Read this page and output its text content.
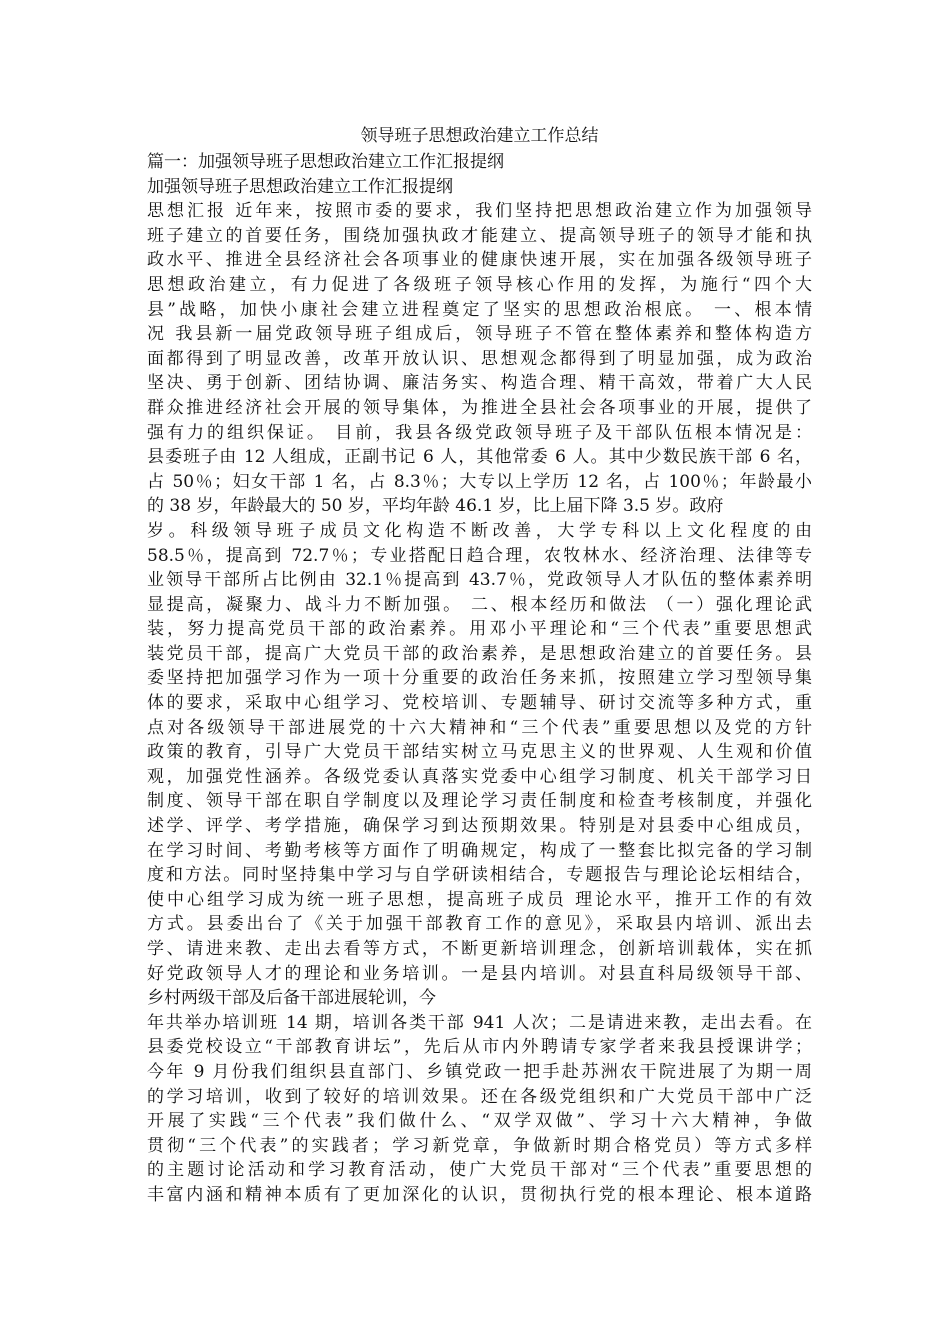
领导班子思想政治建立工作总结

篇一：加强领导班子思想政治建立工作汇报提纲

加强领导班子思想政治建立工作汇报提纲

思想汇报 近年来，按照市委的要求，我们坚持把思想政治建立作为加强领导

班子建立的首要任务，围绕加强执政才能建立、提高领导班子的领导才能和执

政水平、推进全县经济社会各项事业的健康快速开展，实在加强各级领导班子

思想政治建立，有力促进了各级班子领导核心作用的发挥，为施行“四个大

县”战略，加快小康社会建立进程奠定了坚实的思想政治根底。 一、根本情

况 我县新一届党政领导班子组成后，领导班子不管在整体素养和整体构造方

面都得到了明显改善，改革开放认识、思想观念都得到了明显加强，成为政治

坚决、勇于创新、团结协调、廉洁务实、构造合理、精干高效，带着广大人民

群众推进经济社会开展的领导集体，为推进全县社会各项事业的开展，提供了

强有力的组织保证。 目前，我县各级党政领导班子及干部队伍根本情况是：

县委班子由 12 人组成，正副书记 6 人，其他常委 6 人。其中少数民族干部 6 名，

占 50％；妇女干部 1 名，占 8.3％；大专以上学历 12 名，占 100％；年龄最小

的 38 岁，年龄最大的 50 岁，平均年龄 46.1 岁，比上届下降 3.5 岁。政府

岁。科级领导班子成员文化构造不断改善，大学专科以上文化程度的由

58.5％，提高到 72.7％；专业搭配日趋合理，农牧林水、经济治理、法律等专

业领导干部所占比例由 32.1％提高到 43.7％，党政领导人才队伍的整体素养明

显提高，凝聚力、战斗力不断加强。 二、根本经历和做法 （一）强化理论武

装，努力提高党员干部的政治素养。用邓小平理论和“三个代表”重要思想武

装党员干部，提高广大党员干部的政治素养，是思想政治建立的首要任务。县

委坚持把加强学习作为一项十分重要的政治任务来抓，按照建立学习型领导集

体的要求，采取中心组学习、党校培训、专题辅导、研讨交流等多种方式，重

点对各级领导干部进展党的十六大精神和“三个代表”重要思想以及党的方针

政策的教育，引导广大党员干部结实树立马克思主义的世界观、人生观和价值

观，加强党性涵养。各级党委认真落实党委中心组学习制度、机关干部学习日

制度、领导干部在职自学制度以及理论学习责任制度和检查考核制度，并强化

述学、评学、考学措施，确保学习到达预期效果。特别是对县委中心组成员，

在学习时间、考勤考核等方面作了明确规定，构成了一整套比拟完备的学习制

度和方法。同时坚持集中学习与自学研读相结合，专题报告与理论论坛相结合，

使中心组学习成为统一班子思想，提高班子成员 理论水平，推开工作的有效

方式。县委出台了《关于加强干部教育工作的意见》，采取县内培训、派出去

学、请进来教、走出去看等方式，不断更新培训理念，创新培训载体，实在抓

好党政领导人才的理论和业务培训。一是县内培训。对县直科局级领导干部、

乡村两级干部及后备干部进展轮训，今

年共举办培训班 14 期，培训各类干部 941 人次；二是请进来教，走出去看。在

县委党校设立“干部教育讲坛”，先后从市内外聘请专家学者来我县授课讲学；

今年 9 月份我们组织县直部门、乡镇党政一把手赴苏洲农干院进展了为期一周

的学习培训，收到了较好的培训效果。还在各级党组织和广大党员干部中广泛

开展了实践“三个代表”我们做什么、“双学双做”、学习十六大精神，争做

贯彻“三个代表”的实践者；学习新党章，争做新时期合格党员）等方式多样

的主题讨论活动和学习教育活动，使广大党员干部对“三个代表”重要思想的

丰富内涵和精神本质有了更加深化的认识，贯彻执行党的根本理论、根本道路
